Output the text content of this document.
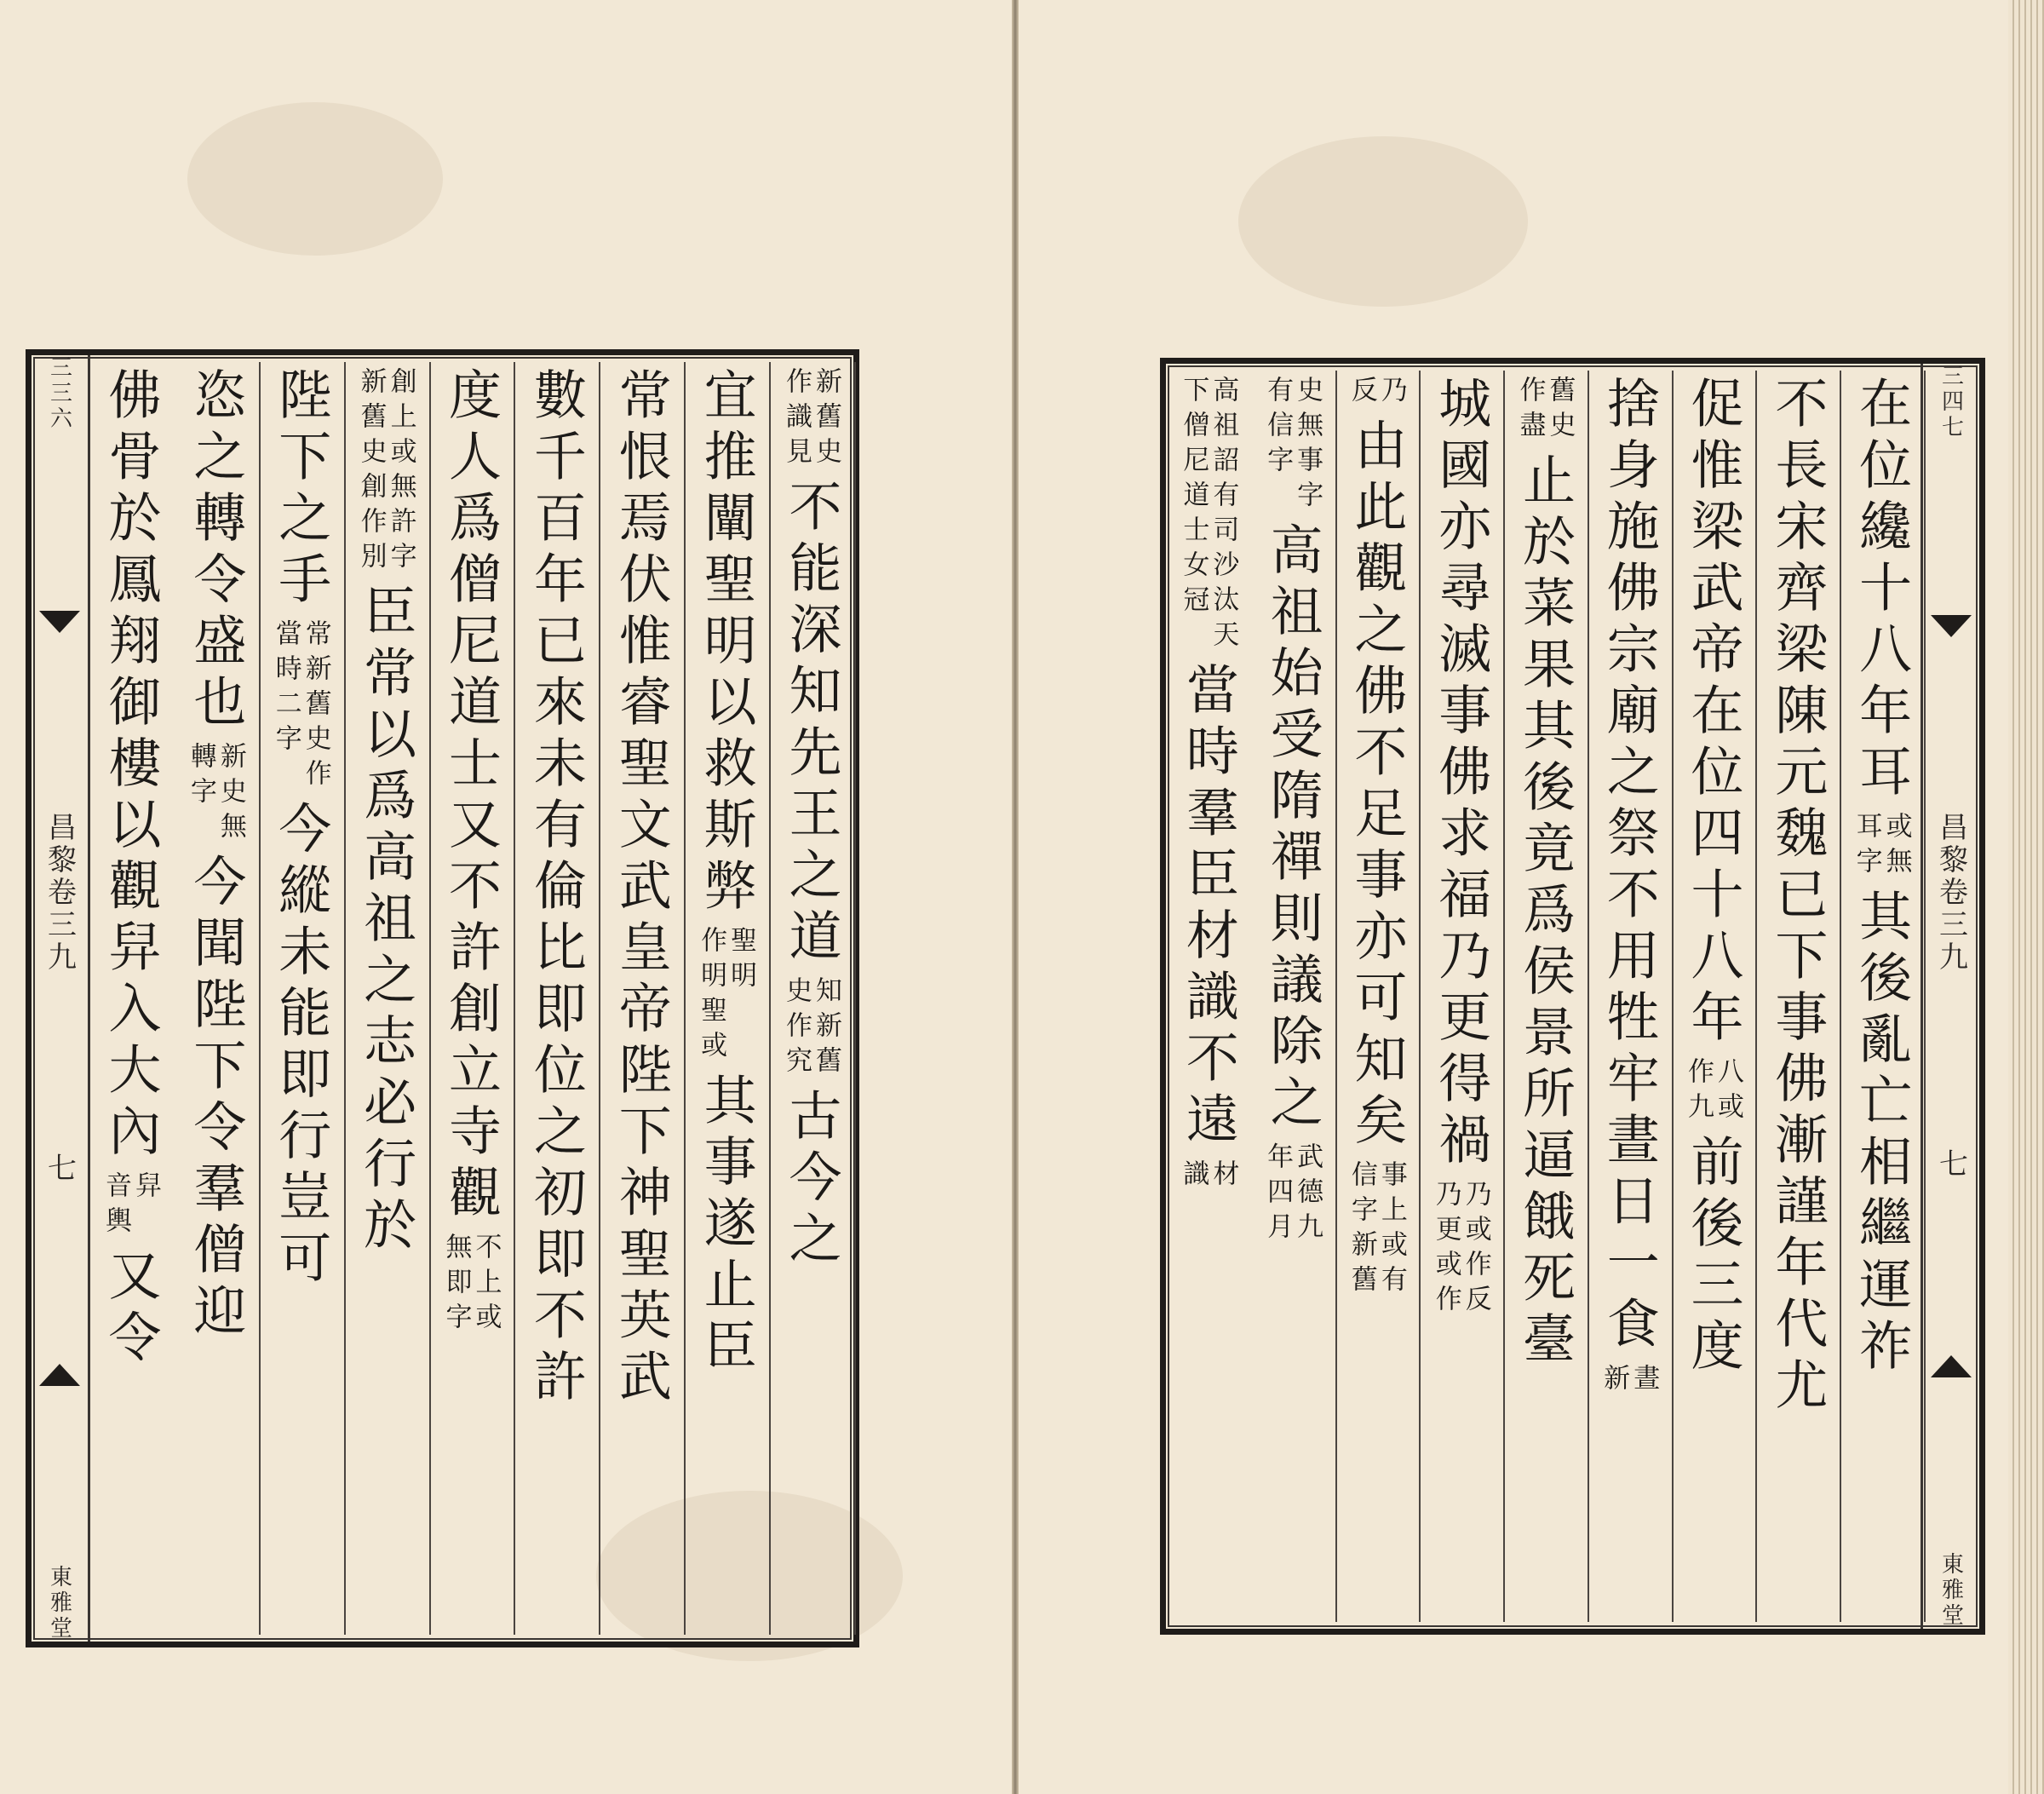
三三六
昌黎卷三九
七
東雅堂
新舊史
作識見
不能深知先王之道
知新舊
史作究
古今之
宜推闡聖明以救斯弊
聖明
作明聖或
其事遂止臣
常恨焉伏惟睿聖文武皇帝陛下神聖英武
數千百年已來未有倫比即位之初即不許
度人爲僧尼道士又不許創立寺觀
不上或
無即字
創上或無許字
新舊史創作別
臣常以爲高祖之志必行於
陛下之手
常新舊史作
當時二字
今縱未能即行豈可
恣之轉令盛也
新史無
轉字
今聞陛下令羣僧迎
佛骨於鳳翔御樓以觀舁入大內
舁
音輿
又令
三四七
昌黎卷三九
七
東雅堂
在位纔十八年耳
或無
耳字
其後亂亡相繼運祚
不長宋齊梁陳元魏已下事佛漸謹年代尤
促惟梁武帝在位四十八年
八或
作九
前後三度
捨身施佛宗廟之祭不用牲牢晝日一食
晝
新
舊史
作盡
止於菜果其後竟爲侯景所逼餓死臺
城國亦尋滅事佛求福乃更得禍
乃或作反
乃更或作
乃
反
由此觀之佛不足事亦可知矣
事上或有
信字新舊
史無事字
有信字
高祖始受隋禪則議除之
武德九
年四月
高祖詔有司沙汰天
下僧尼道士女冠
當時羣臣材識不遠
材
識
